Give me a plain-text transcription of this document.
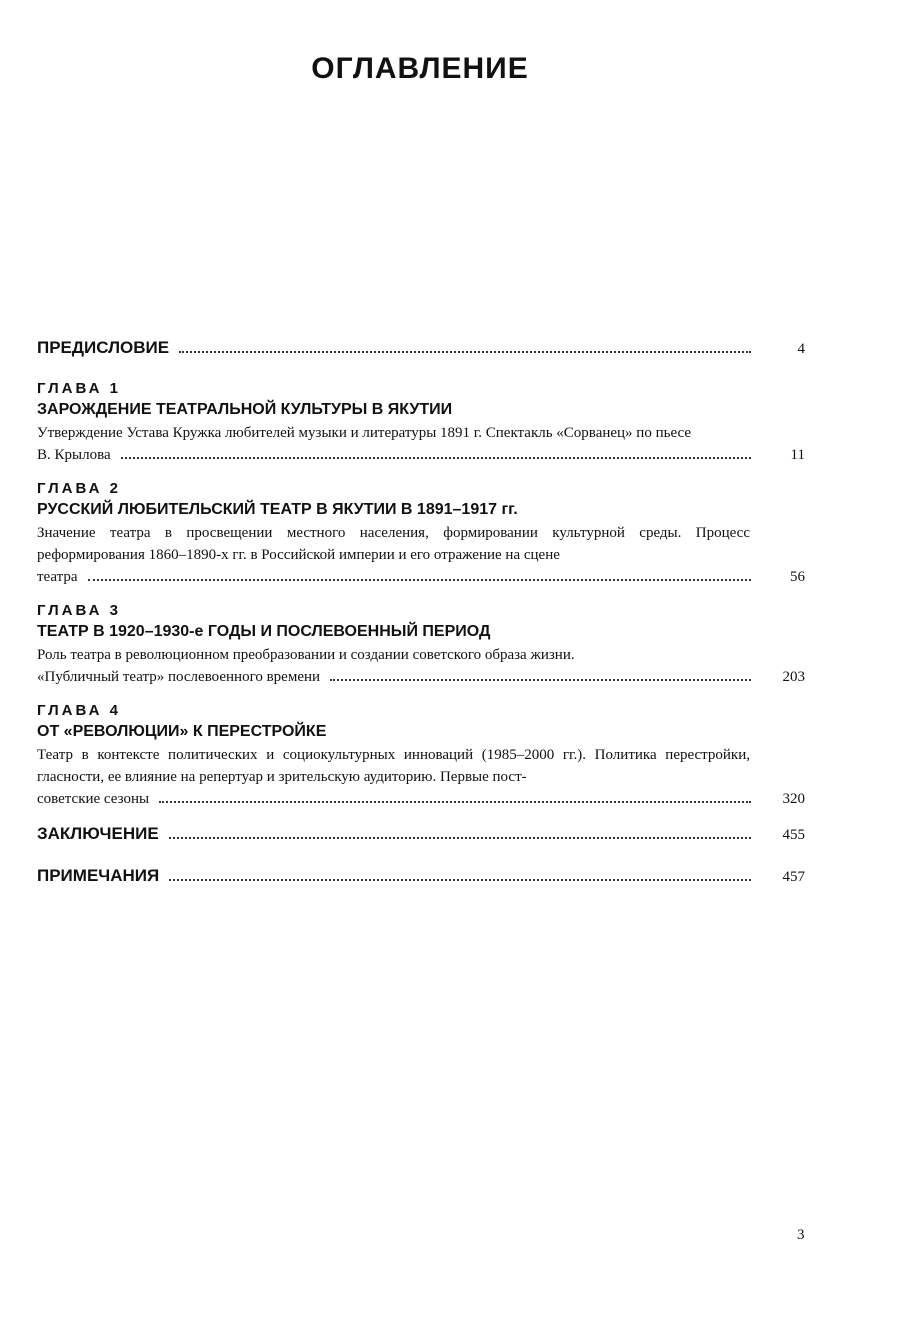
ОГЛАВЛЕНИЕ
ПРЕДИСЛОВИЕ	4
ГЛАВА 1
ЗАРОЖДЕНИЕ ТЕАТРАЛЬНОЙ КУЛЬТУРЫ В ЯКУТИИ
Утверждение Устава Кружка любителей музыки и литературы 1891 г. Спектакль «Сорванец» по пьесе
В. Крылова	11
ГЛАВА 2
РУССКИЙ ЛЮБИТЕЛЬСКИЙ ТЕАТР В ЯКУТИИ В 1891–1917 гг.
Значение театра в просвещении местного населения, формировании культурной среды. Процесс реформирования 1860–1890-х гг. в Российской империи и его отражение на сцене
театра	56
ГЛАВА 3
ТЕАТР В 1920–1930-е ГОДЫ И ПОСЛЕВОЕННЫЙ ПЕРИОД
Роль театра в революционном преобразовании и создании советского образа жизни.
«Публичный театр» послевоенного времени	203
ГЛАВА 4
ОТ «РЕВОЛЮЦИИ» К ПЕРЕСТРОЙКЕ
Театр в контексте политических и социокультурных инноваций (1985–2000 гг.). Политика перестройки, гласности, ее влияние на репертуар и зрительскую аудиторию. Первые пост-
советские сезоны	320
ЗАКЛЮЧЕНИЕ	455
ПРИМЕЧАНИЯ	457
3
